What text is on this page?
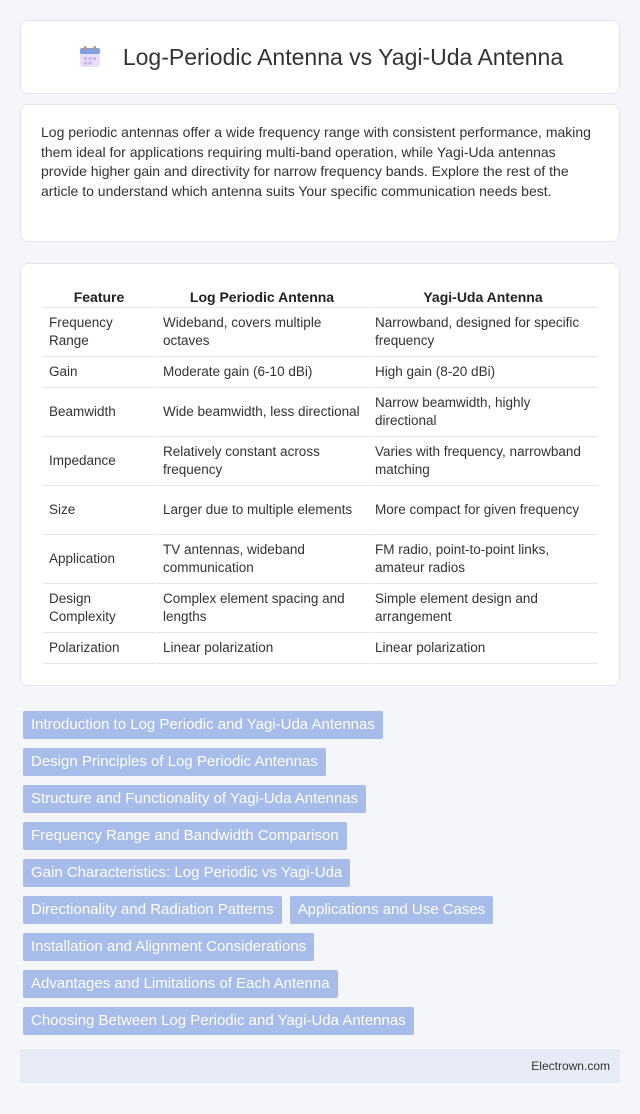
Log-Periodic Antenna vs Yagi-Uda Antenna

Log periodic antennas offer a wide frequency range with consistent performance, making them ideal for applications requiring multi-band operation, while Yagi-Uda antennas provide higher gain and directivity for narrow frequency bands. Explore the rest of the article to understand which antenna suits Your specific communication needs best.

Feature	Log Periodic Antenna	Yagi-Uda Antenna
Frequency Range	Wideband, covers multiple octaves	Narrowband, designed for specific frequency
Gain	Moderate gain (6-10 dBi)	High gain (8-20 dBi)
Beamwidth	Wide beamwidth, less directional	Narrow beamwidth, highly directional
Impedance	Relatively constant across frequency	Varies with frequency, narrowband matching
Size	Larger due to multiple elements	More compact for given frequency
Application	TV antennas, wideband communication	FM radio, point-to-point links, amateur radios
Design Complexity	Complex element spacing and lengths	Simple element design and arrangement
Polarization	Linear polarization	Linear polarization
Introduction to Log Periodic and Yagi-Uda Antennas
Design Principles of Log Periodic Antennas
Structure and Functionality of Yagi-Uda Antennas
Frequency Range and Bandwidth Comparison
Gain Characteristics: Log Periodic vs Yagi-Uda
Directionality and Radiation Patterns	Applications and Use Cases
Installation and Alignment Considerations
Advantages and Limitations of Each Antenna
Choosing Between Log Periodic and Yagi-Uda Antennas
Electrown.com
